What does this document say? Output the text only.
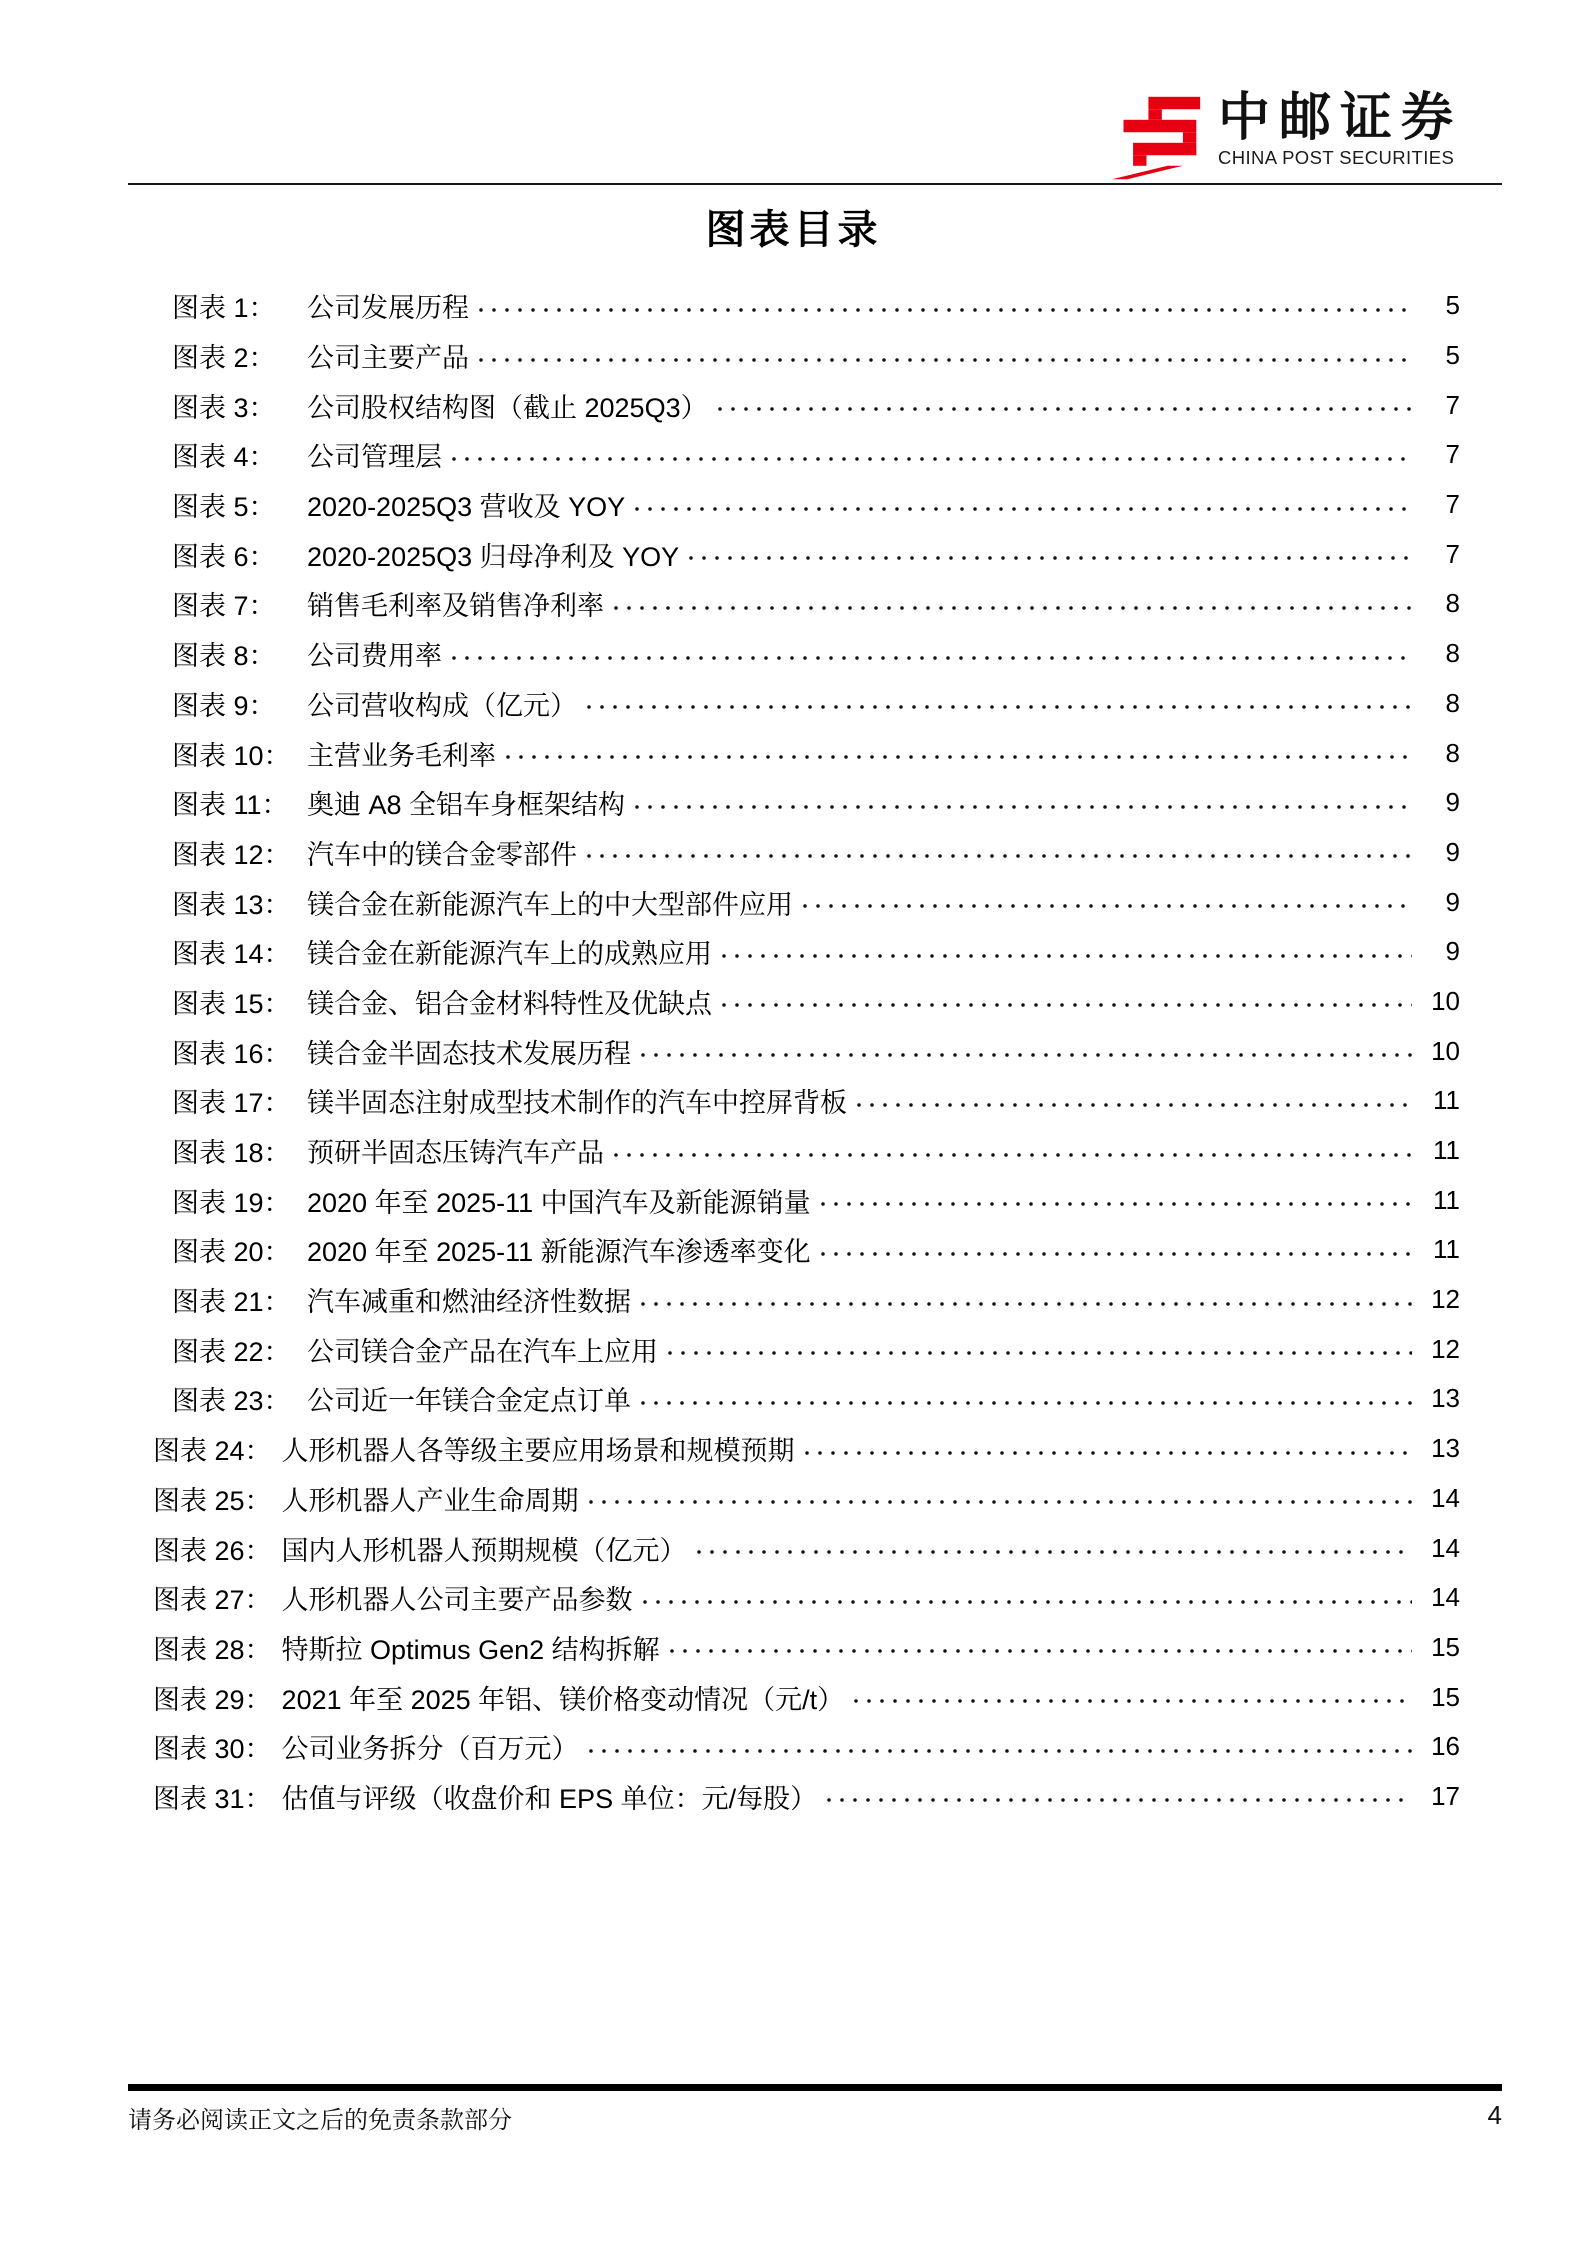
中邮证券
CHINA POST SECURITIES
图表目录
图表 1：	公司发展历程	5
图表 2：	公司主要产品	5
图表 3：	公司股权结构图（截止 2025Q3）	7
图表 4：	公司管理层	7
图表 5：	2020-2025Q3 营收及 YOY	7
图表 6：	2020-2025Q3 归母净利及 YOY	7
图表 7：	销售毛利率及销售净利率	8
图表 8：	公司费用率	8
图表 9：	公司营收构成（亿元）	8
图表 10： 主营业务毛利率	8
图表 11： 奥迪 A8 全铝车身框架结构	9
图表 12： 汽车中的镁合金零部件	9
图表 13： 镁合金在新能源汽车上的中大型部件应用	9
图表 14： 镁合金在新能源汽车上的成熟应用	9
图表 15： 镁合金、铝合金材料特性及优缺点	10
图表 16： 镁合金半固态技术发展历程	10
图表 17： 镁半固态注射成型技术制作的汽车中控屏背板	11
图表 18： 预研半固态压铸汽车产品	11
图表 19： 2020 年至 2025-11 中国汽车及新能源销量	11
图表 20： 2020 年至 2025-11 新能源汽车渗透率变化	11
图表 21： 汽车减重和燃油经济性数据	12
图表 22： 公司镁合金产品在汽车上应用	12
图表 23： 公司近一年镁合金定点订单	13
图表 24： 人形机器人各等级主要应用场景和规模预期	13
图表 25： 人形机器人产业生命周期	14
图表 26： 国内人形机器人预期规模（亿元）	14
图表 27： 人形机器人公司主要产品参数	14
图表 28： 特斯拉 Optimus Gen2 结构拆解	15
图表 29： 2021 年至 2025 年铝、镁价格变动情况（元/t）	15
图表 30： 公司业务拆分（百万元）	16
图表 31： 估值与评级（收盘价和 EPS 单位：元/每股）	17
请务必阅读正文之后的免责条款部分	4
